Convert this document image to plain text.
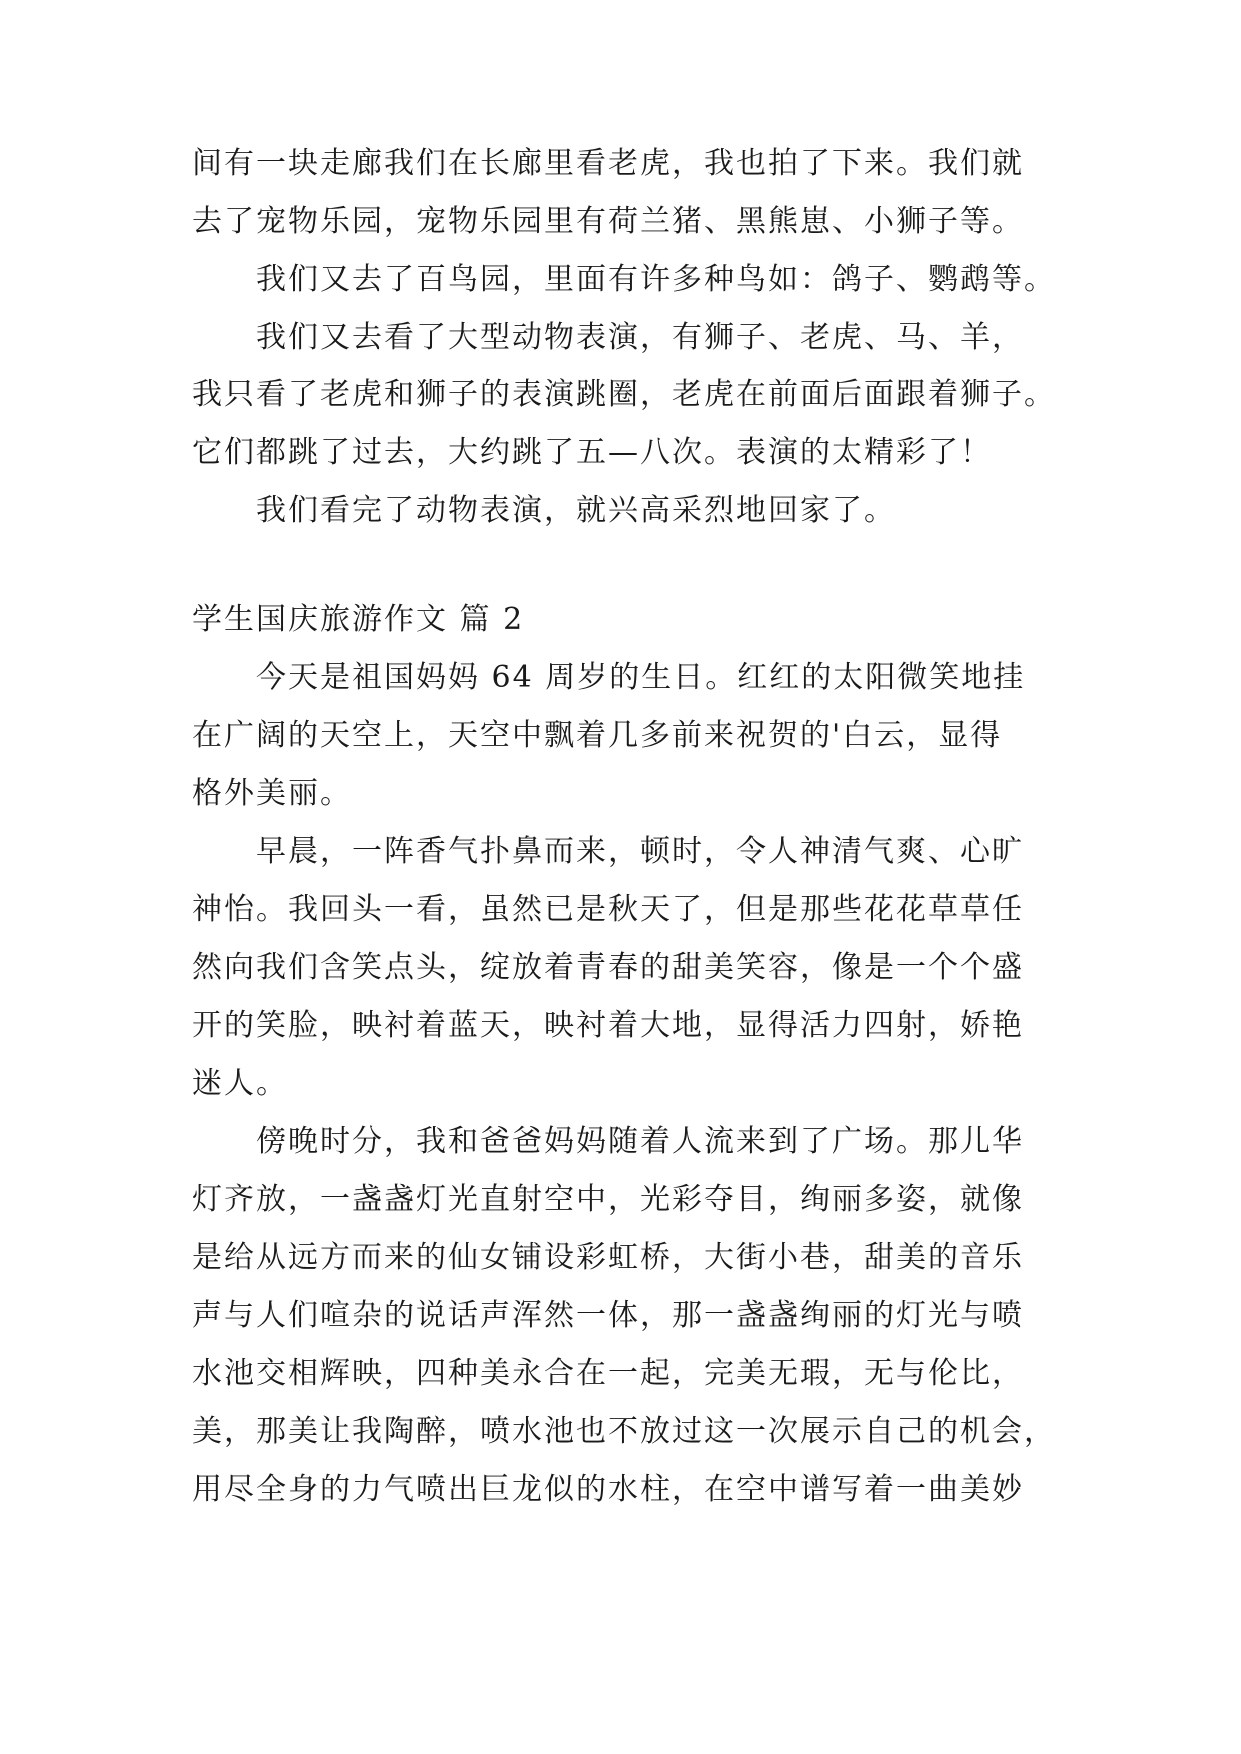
间有一块走廊我们在长廊里看老虎，我也拍了下来。我们就
去了宠物乐园，宠物乐园里有荷兰猪、黑熊崽、小狮子等。
我们又去了百鸟园，里面有许多种鸟如：鸽子、鹦鹉等。
我们又去看了大型动物表演，有狮子、老虎、马、羊，
我只看了老虎和狮子的表演跳圈，老虎在前面后面跟着狮子。
它们都跳了过去，大约跳了五—八次。表演的太精彩了！
我们看完了动物表演，就兴高采烈地回家了。
学生国庆旅游作文 篇 2
今天是祖国妈妈 64 周岁的生日。红红的太阳微笑地挂
在广阔的天空上，天空中飘着几多前来祝贺的'白云，显得
格外美丽。
早晨，一阵香气扑鼻而来，顿时，令人神清气爽、心旷
神怡。我回头一看，虽然已是秋天了，但是那些花花草草任
然向我们含笑点头，绽放着青春的甜美笑容，像是一个个盛
开的笑脸，映衬着蓝天，映衬着大地，显得活力四射，娇艳
迷人。
傍晚时分，我和爸爸妈妈随着人流来到了广场。那儿华
灯齐放，一盏盏灯光直射空中，光彩夺目，绚丽多姿，就像
是给从远方而来的仙女铺设彩虹桥，大街小巷，甜美的音乐
声与人们喧杂的说话声浑然一体，那一盏盏绚丽的灯光与喷
水池交相辉映，四种美永合在一起，完美无瑕，无与伦比，
美，那美让我陶醉，喷水池也不放过这一次展示自己的机会，
用尽全身的力气喷出巨龙似的水柱，在空中谱写着一曲美妙
